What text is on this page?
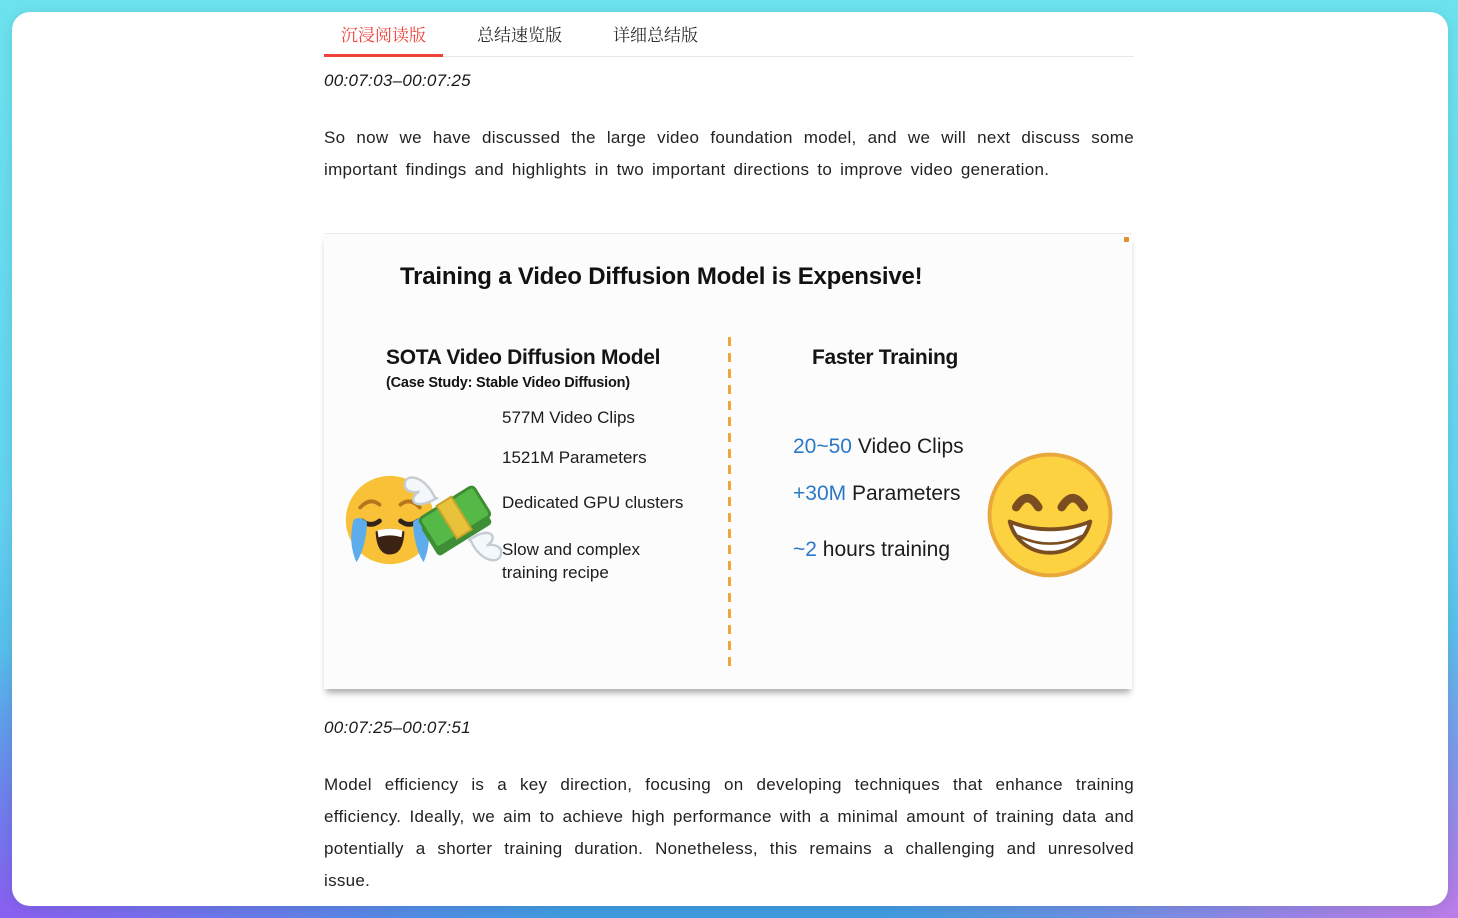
沉浸阅读版	总结速览版	详细总结版
00:07:03–00:07:25

So now we have discussed the large video foundation model, and we will next discuss some important findings and highlights in two important directions to improve video generation.

Training a Video Diffusion Model is Expensive!
SOTA Video Diffusion Model
(Case Study: Stable Video Diffusion)
577M Video Clips
1521M Parameters
Dedicated GPU clusters
Slow and complex training recipe
Faster Training
20~50 Video Clips
+30M Parameters
~2 hours training
00:07:25–00:07:51

Model efficiency is a key direction, focusing on developing techniques that enhance training efficiency. Ideally, we aim to achieve high performance with a minimal amount of training data and potentially a shorter training duration. Nonetheless, this remains a challenging and unresolved issue.
